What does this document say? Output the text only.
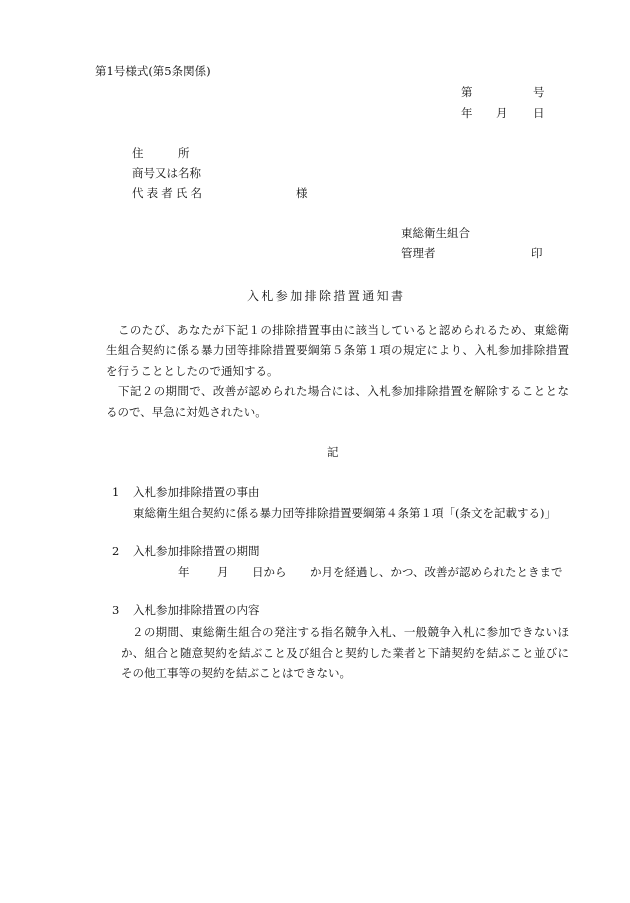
第1号様式(第5条関係)
第	号
年 月 日
住　　　所
商号又は名称
代表者氏名	様
東総衛生組合
管理者	印
入札参加排除措置通知書
このたび、あなたが下記１の排除措置事由に該当していると認められるため、東総衛
生組合契約に係る暴力団等排除措置要綱第５条第１項の規定により、入札参加排除措置
を行うこととしたので通知する。
下記２の期間で、改善が認められた場合には、入札参加排除措置を解除することとな
るので、早急に対処されたい。
記
1 入札参加排除措置の事由
東総衛生組合契約に係る暴力団等排除措置要綱第４条第１項「(条文を記載する)」
2 入札参加排除措置の期間
年 月 日から か月を経過し、かつ、改善が認められたときまで
3 入札参加排除措置の内容
２の期間、東総衛生組合の発注する指名競争入札、一般競争入札に参加できないほ
か、組合と随意契約を結ぶこと及び組合と契約した業者と下請契約を結ぶこと並びに
その他工事等の契約を結ぶことはできない。
